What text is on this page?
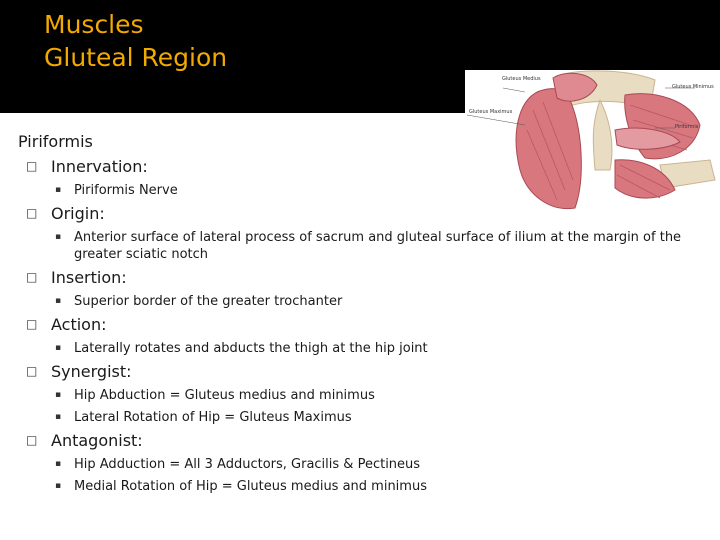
Muscles
Gluteal Region
Gluteus Medius
Gluteus Minimus
Gluteus Maximus
Piriformis
Piriformis
□ Innervation:
▪ Piriformis Nerve
□ Origin:
▪ Anterior surface of lateral process of sacrum and gluteal surface of ilium at the margin of the greater sciatic notch
□ Insertion:
▪ Superior border of the greater trochanter
□ Action:
▪ Laterally rotates and abducts the thigh at the hip joint
□ Synergist:
▪ Hip Abduction = Gluteus medius and minimus
▪ Lateral Rotation of Hip = Gluteus Maximus
□ Antagonist:
▪ Hip Adduction = All 3 Adductors, Gracilis & Pectineus
▪ Medial Rotation of Hip = Gluteus medius and minimus
